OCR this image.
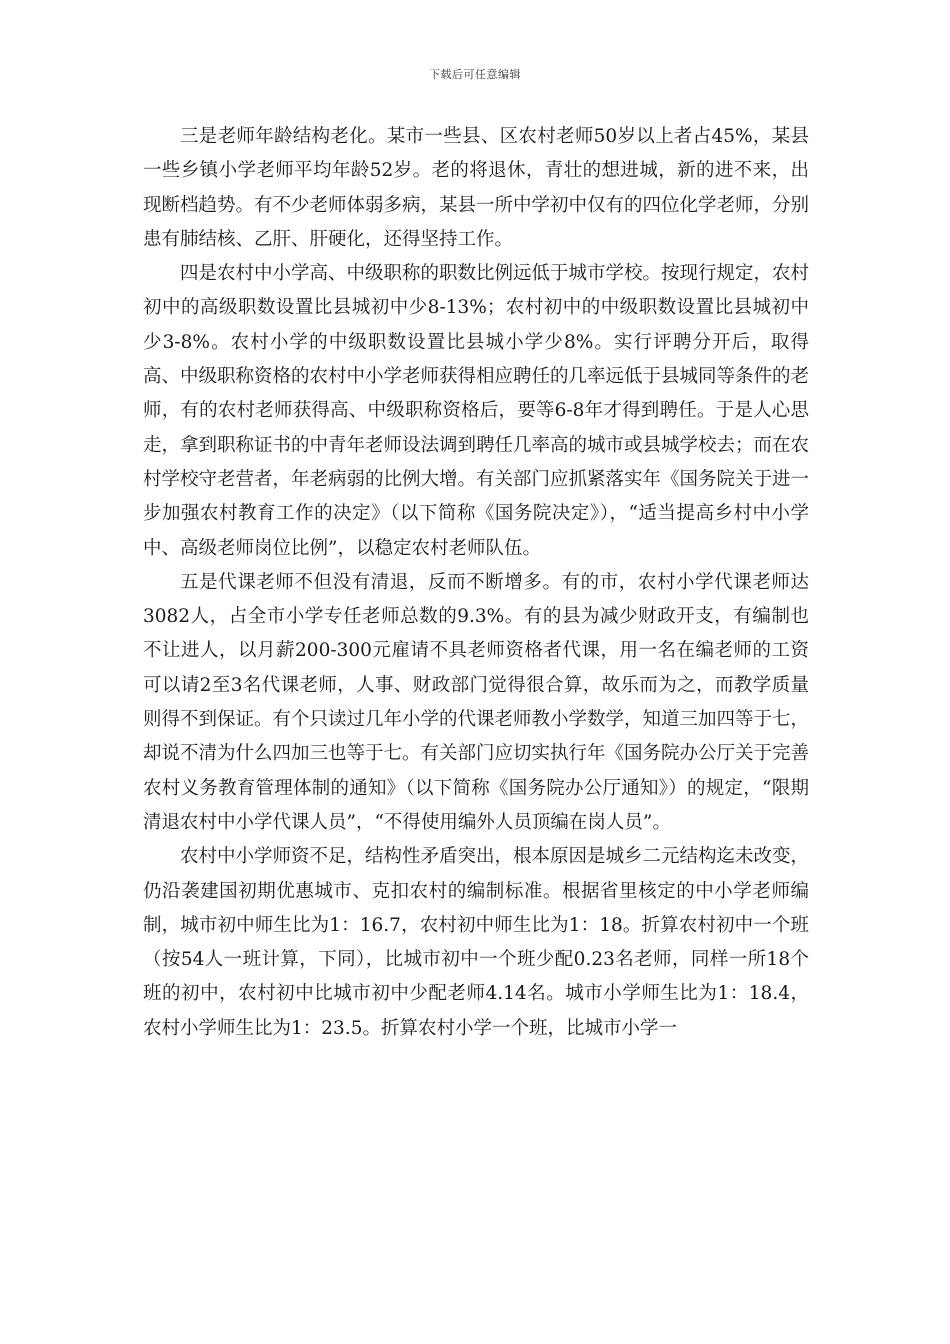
下载后可任意编辑

三是老师年龄结构老化。某市一些县、区农村老师50岁以上者占45%，某县一些乡镇小学老师平均年龄52岁。老的将退休，青壮的想进城，新的进不来，出现断档趋势。有不少老师体弱多病，某县一所中学初中仅有的四位化学老师，分别患有肺结核、乙肝、肝硬化，还得坚持工作。

四是农村中小学高、中级职称的职数比例远低于城市学校。按现行规定，农村初中的高级职数设置比县城初中少8-13%；农村初中的中级职数设置比县城初中少3-8%。农村小学的中级职数设置比县城小学少8%。实行评聘分开后，取得高、中级职称资格的农村中小学老师获得相应聘任的几率远低于县城同等条件的老师，有的农村老师获得高、中级职称资格后，要等6-8年才得到聘任。于是人心思走，拿到职称证书的中青年老师设法调到聘任几率高的城市或县城学校去；而在农村学校守老营者，年老病弱的比例大增。有关部门应抓紧落实年《国务院关于进一步加强农村教育工作的决定》（以下简称《国务院决定》），“适当提高乡村中小学中、高级老师岗位比例”，以稳定农村老师队伍。

五是代课老师不但没有清退，反而不断增多。有的市，农村小学代课老师达3082人，占全市小学专任老师总数的9.3%。有的县为减少财政开支，有编制也不让进人，以月薪200-300元雇请不具老师资格者代课，用一名在编老师的工资可以请2至3名代课老师，人事、财政部门觉得很合算，故乐而为之，而教学质量则得不到保证。有个只读过几年小学的代课老师教小学数学，知道三加四等于七，却说不清为什么四加三也等于七。有关部门应切实执行年《国务院办公厅关于完善农村义务教育管理体制的通知》（以下简称《国务院办公厅通知》）的规定，“限期清退农村中小学代课人员”，“不得使用编外人员顶编在岗人员”。

农村中小学师资不足，结构性矛盾突出，根本原因是城乡二元结构迄未改变，仍沿袭建国初期优惠城市、克扣农村的编制标准。根据省里核定的中小学老师编制，城市初中师生比为1：16.7，农村初中师生比为1：18。折算农村初中一个班（按54人一班计算，下同），比城市初中一个班少配0.23名老师，同样一所18个班的初中，农村初中比城市初中少配老师4.14名。城市小学师生比为1：18.4，农村小学师生比为1：23.5。折算农村小学一个班，比城市小学一
